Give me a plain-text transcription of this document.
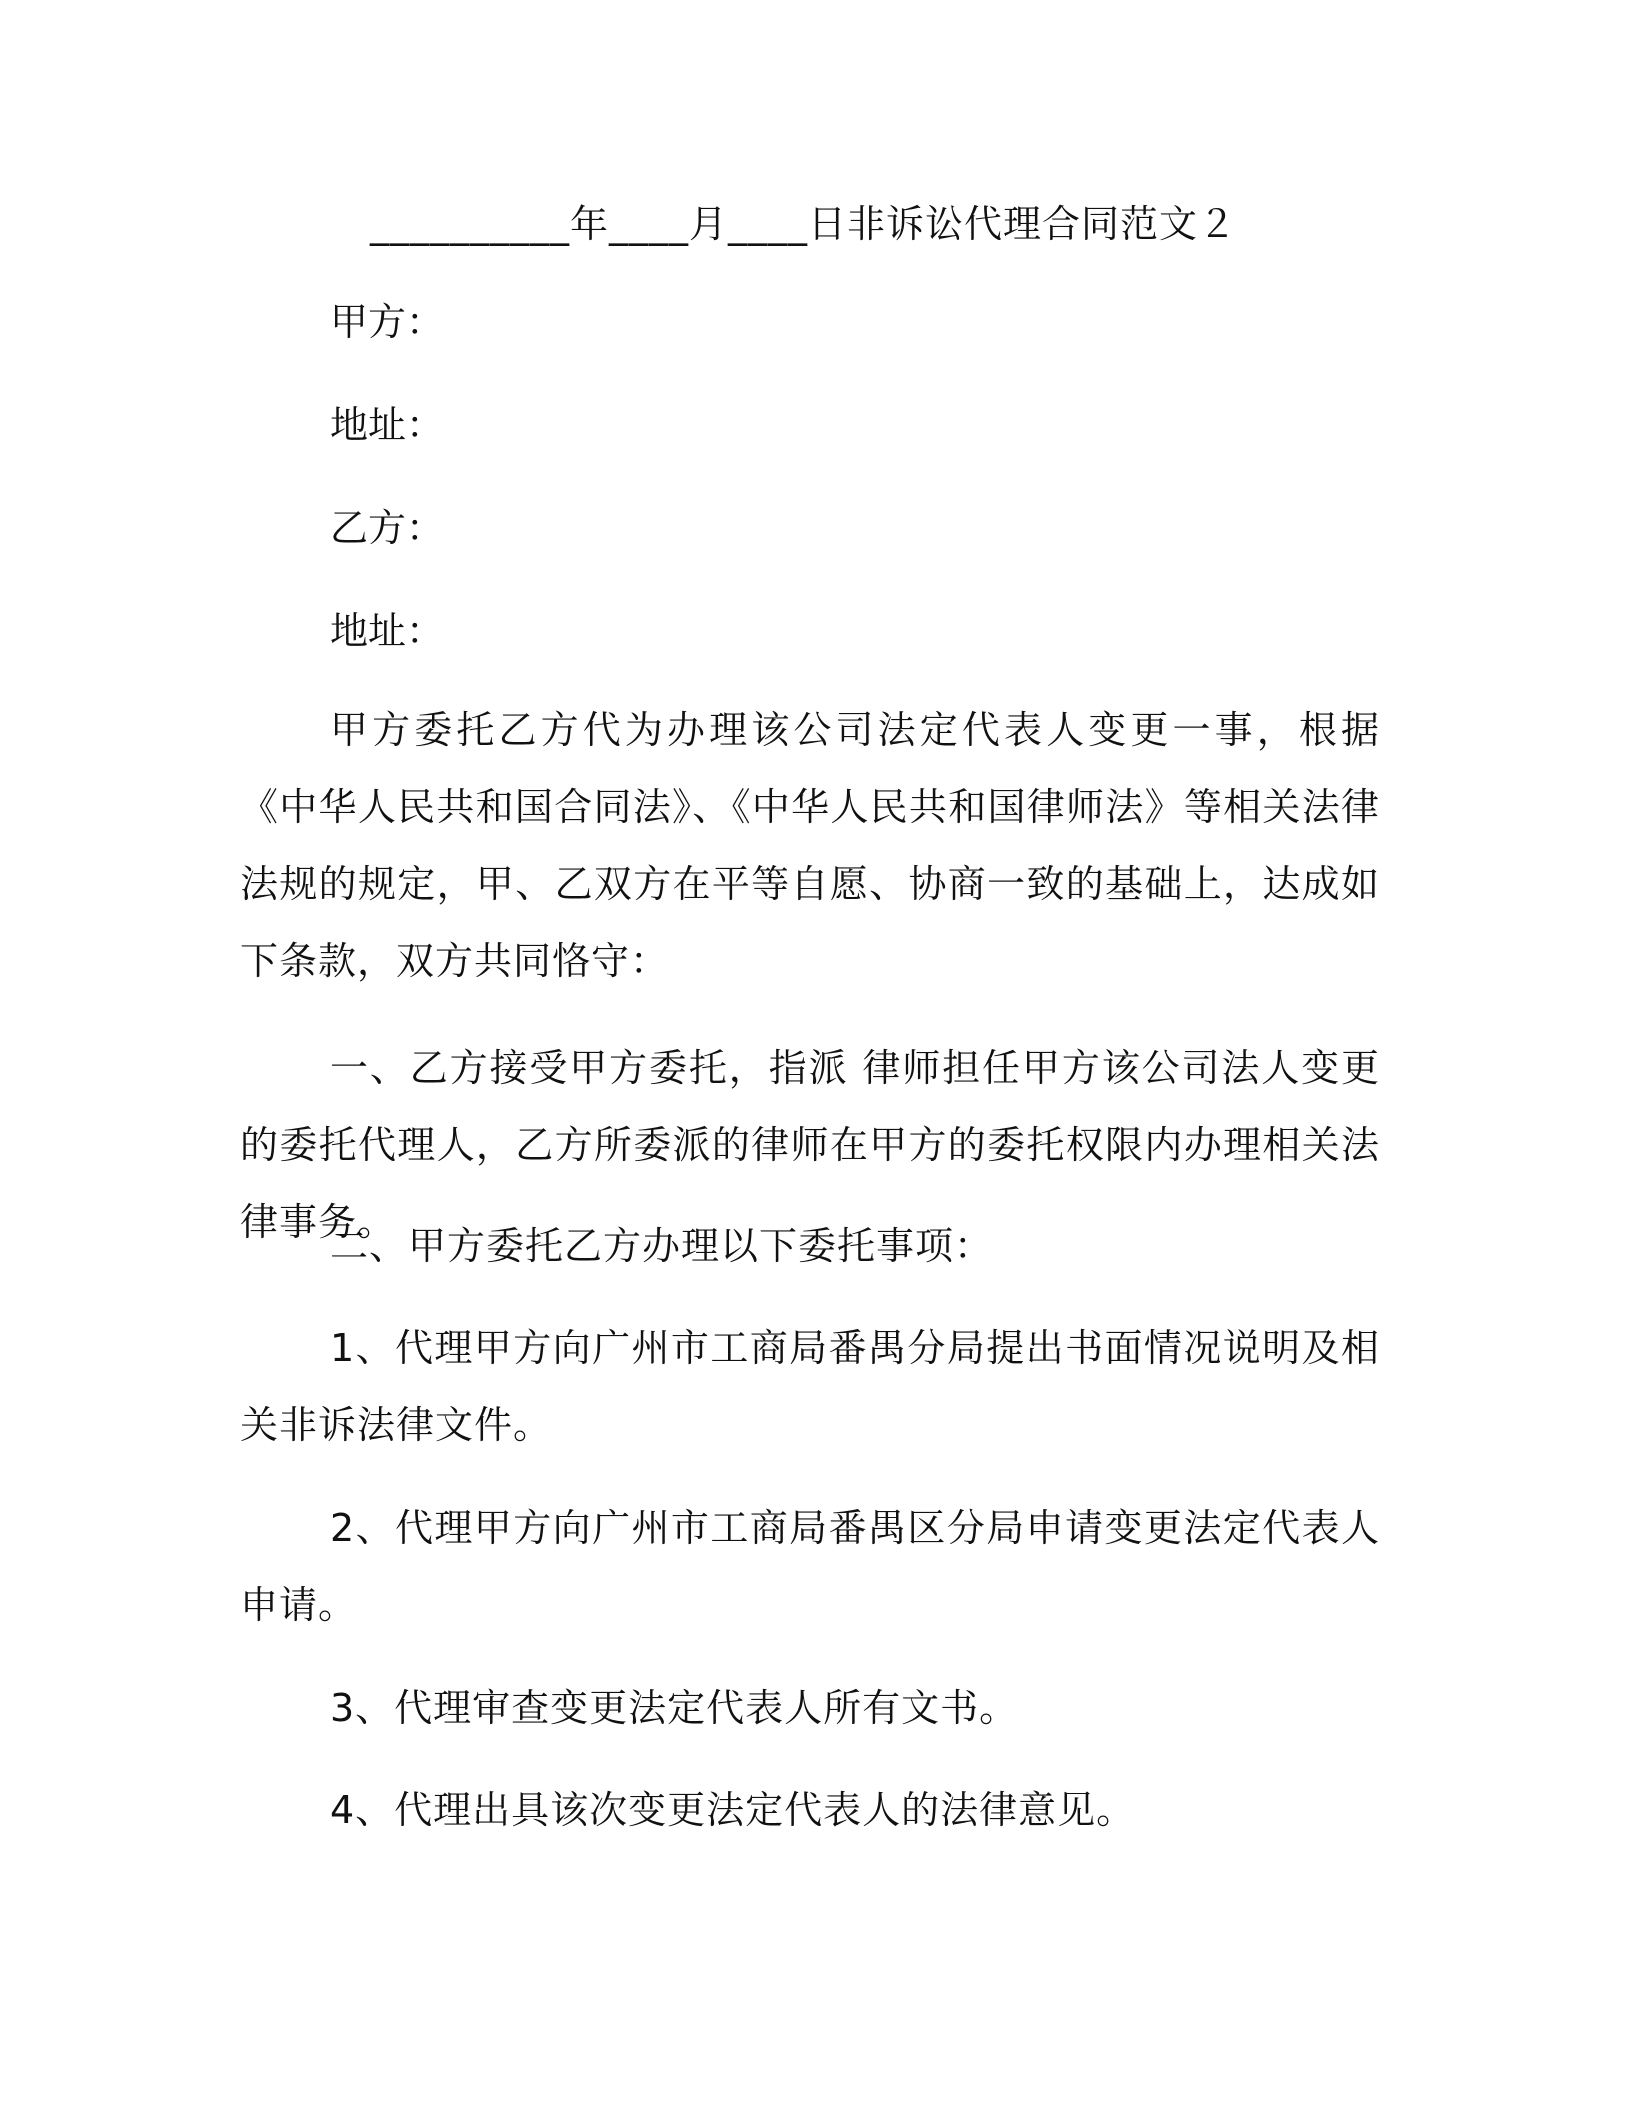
__________年____月____日非诉讼代理合同范文２
甲方：
地址：
乙方：
地址：
甲方委托乙方代为办理该公司法定代表人变更一事，根据《中华人民共和国合同法》、《中华人民共和国律师法》等相关法律法规的规定，甲、乙双方在平等自愿、协商一致的基础上，达成如下条款，双方共同恪守：
一、乙方接受甲方委托，指派 律师担任甲方该公司法人变更的委托代理人，乙方所委派的律师在甲方的委托权限内办理相关法律事务。
二、甲方委托乙方办理以下委托事项：
1、代理甲方向广州市工商局番禺分局提出书面情况说明及相关非诉法律文件。
2、代理甲方向广州市工商局番禺区分局申请变更法定代表人申请。
3、代理审查变更法定代表人所有文书。
4、代理出具该次变更法定代表人的法律意见。
